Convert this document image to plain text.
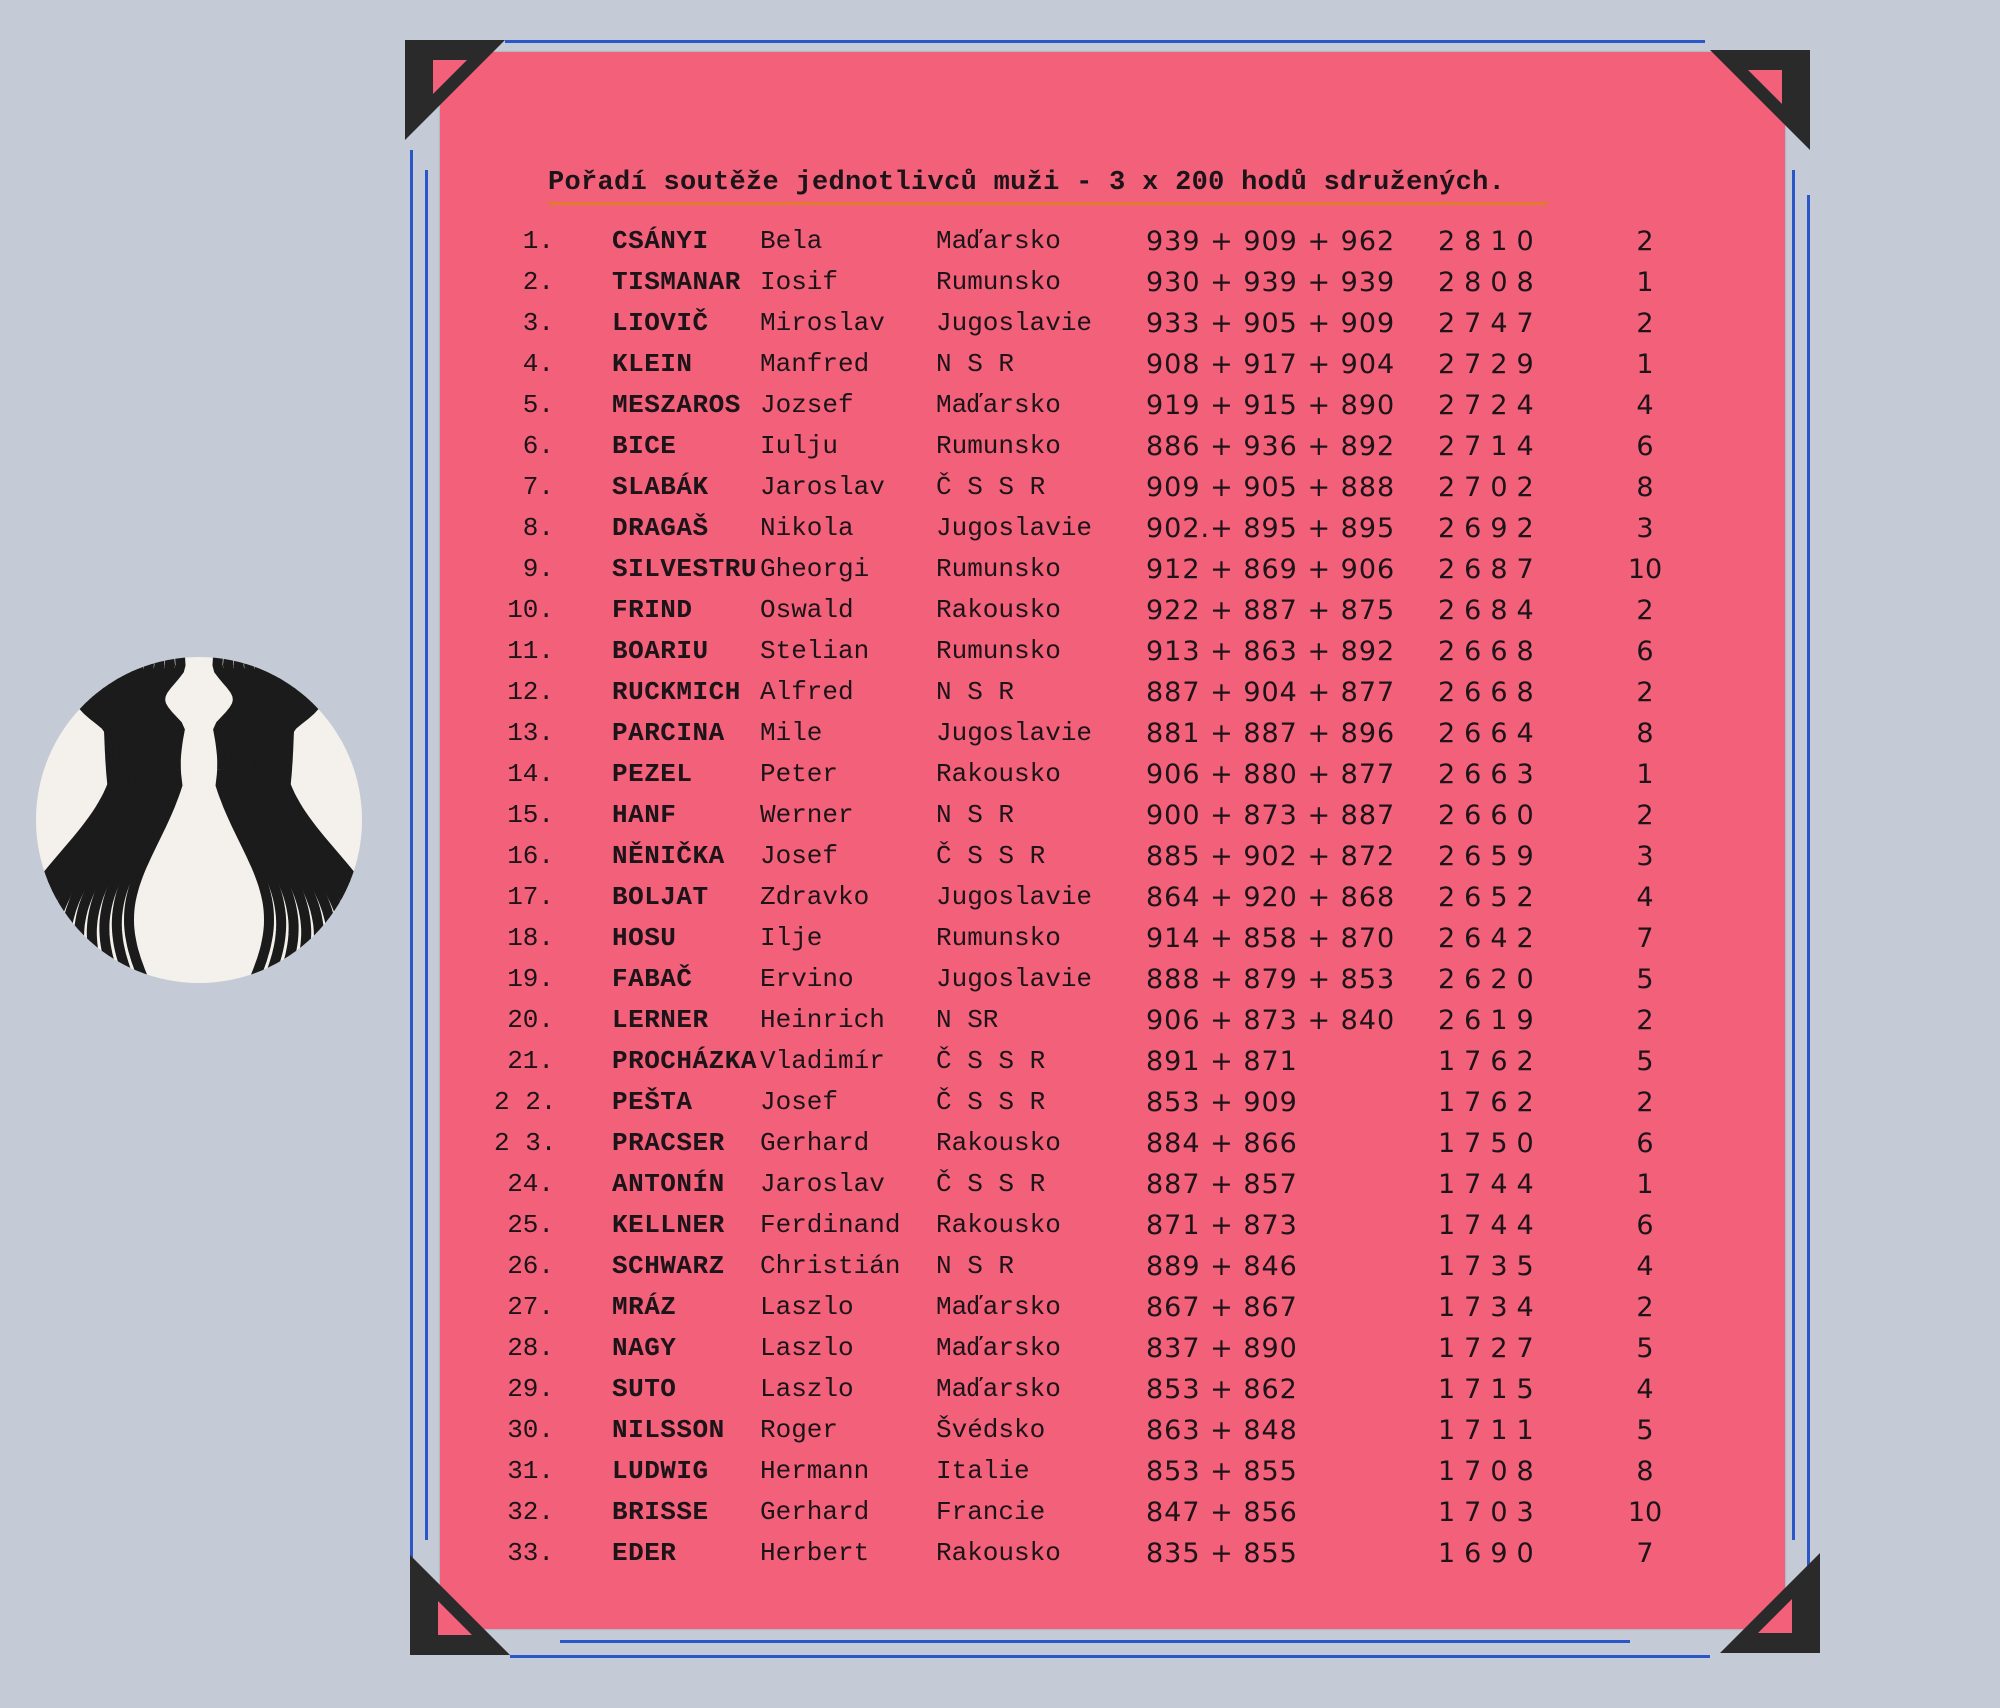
Pořadí soutěže jednotlivců muži - 3 x 200 hodů sdružených.
1. CSÁNYI Bela	Maďarsko	939 + 909 + 962 2810	2
2. TISMANAR Iosif	Rumunsko	930 + 939 + 939 2808	1
3. LIOVIČ Miroslav Jugoslavie 933 + 905 + 909 2747	2
4. KLEIN	Manfred	N S R	908 + 917 + 904 2729	1
5. MESZAROS Jozsef	Maďarsko	919 + 915 + 890 2724	4
6. BICE	Iulju	Rumunsko	886 + 936 + 892 2714	6
7. SLABÁK Jaroslav Č S S R	909 + 905 + 888 2702	8
8. DRAGAŠ Nikola	Jugoslavie 902.+ 895 + 895 2692	3
9. SILVESTRU Gheorgi	Rumunsko	912 + 869 + 906 2687	10
10. FRIND	Oswald	Rakousko	922 + 887 + 875 2684	2
11. BOARIU Stelian	Rumunsko	913 + 863 + 892 2668	6
12. RUCKMICH Alfred	N S R	887 + 904 + 877 2668	2
13. PARCINA Mile	Jugoslavie 881 + 887 + 896 2664	8
14. PEZEL	Peter	Rakousko	906 + 880 + 877 2663	1
15. HANF	Werner	N S R	900 + 873 + 887 2660	2
16. NĚNIČKA Josef	Č S S R	885 + 902 + 872 2659	3
17. BOLJAT Zdravko	Jugoslavie 864 + 920 + 868 2652	4
18. HOSU	Ilje	Rumunsko	914 + 858 + 870 2642	7
19. FABAČ	Ervino	Jugoslavie 888 + 879 + 853 2620	5
20. LERNER Heinrich N SR	906 + 873 + 840 2619	2
21. PROCHÁZKA Vladimír Č S S R	891 + 871	1762	5
2 2. PEŠTA	Josef	Č S S R	853 + 909	1762	2
2 3. PRACSER Gerhard	Rakousko	884 + 866	1750	6
24. ANTONÍN Jaroslav Č S S R	887 + 857	1744	1
25. KELLNER Ferdinand Rakousko	871 + 873	1744	6
26. SCHWARZ Christián N S R	889 + 846	1735	4
27. MRÁZ	Laszlo	Maďarsko	867 + 867	1734	2
28. NAGY	Laszlo	Maďarsko	837 + 890	1727	5
29. SUTO	Laszlo	Maďarsko	853 + 862	1715	4
30. NILSSON Roger	Švédsko	863 + 848	1711	5
31. LUDWIG Hermann	Italie	853 + 855	1708	8
32. BRISSE Gerhard	Francie	847 + 856	1703	10
33. EDER	Herbert	Rakousko	835 + 855	1690	7
